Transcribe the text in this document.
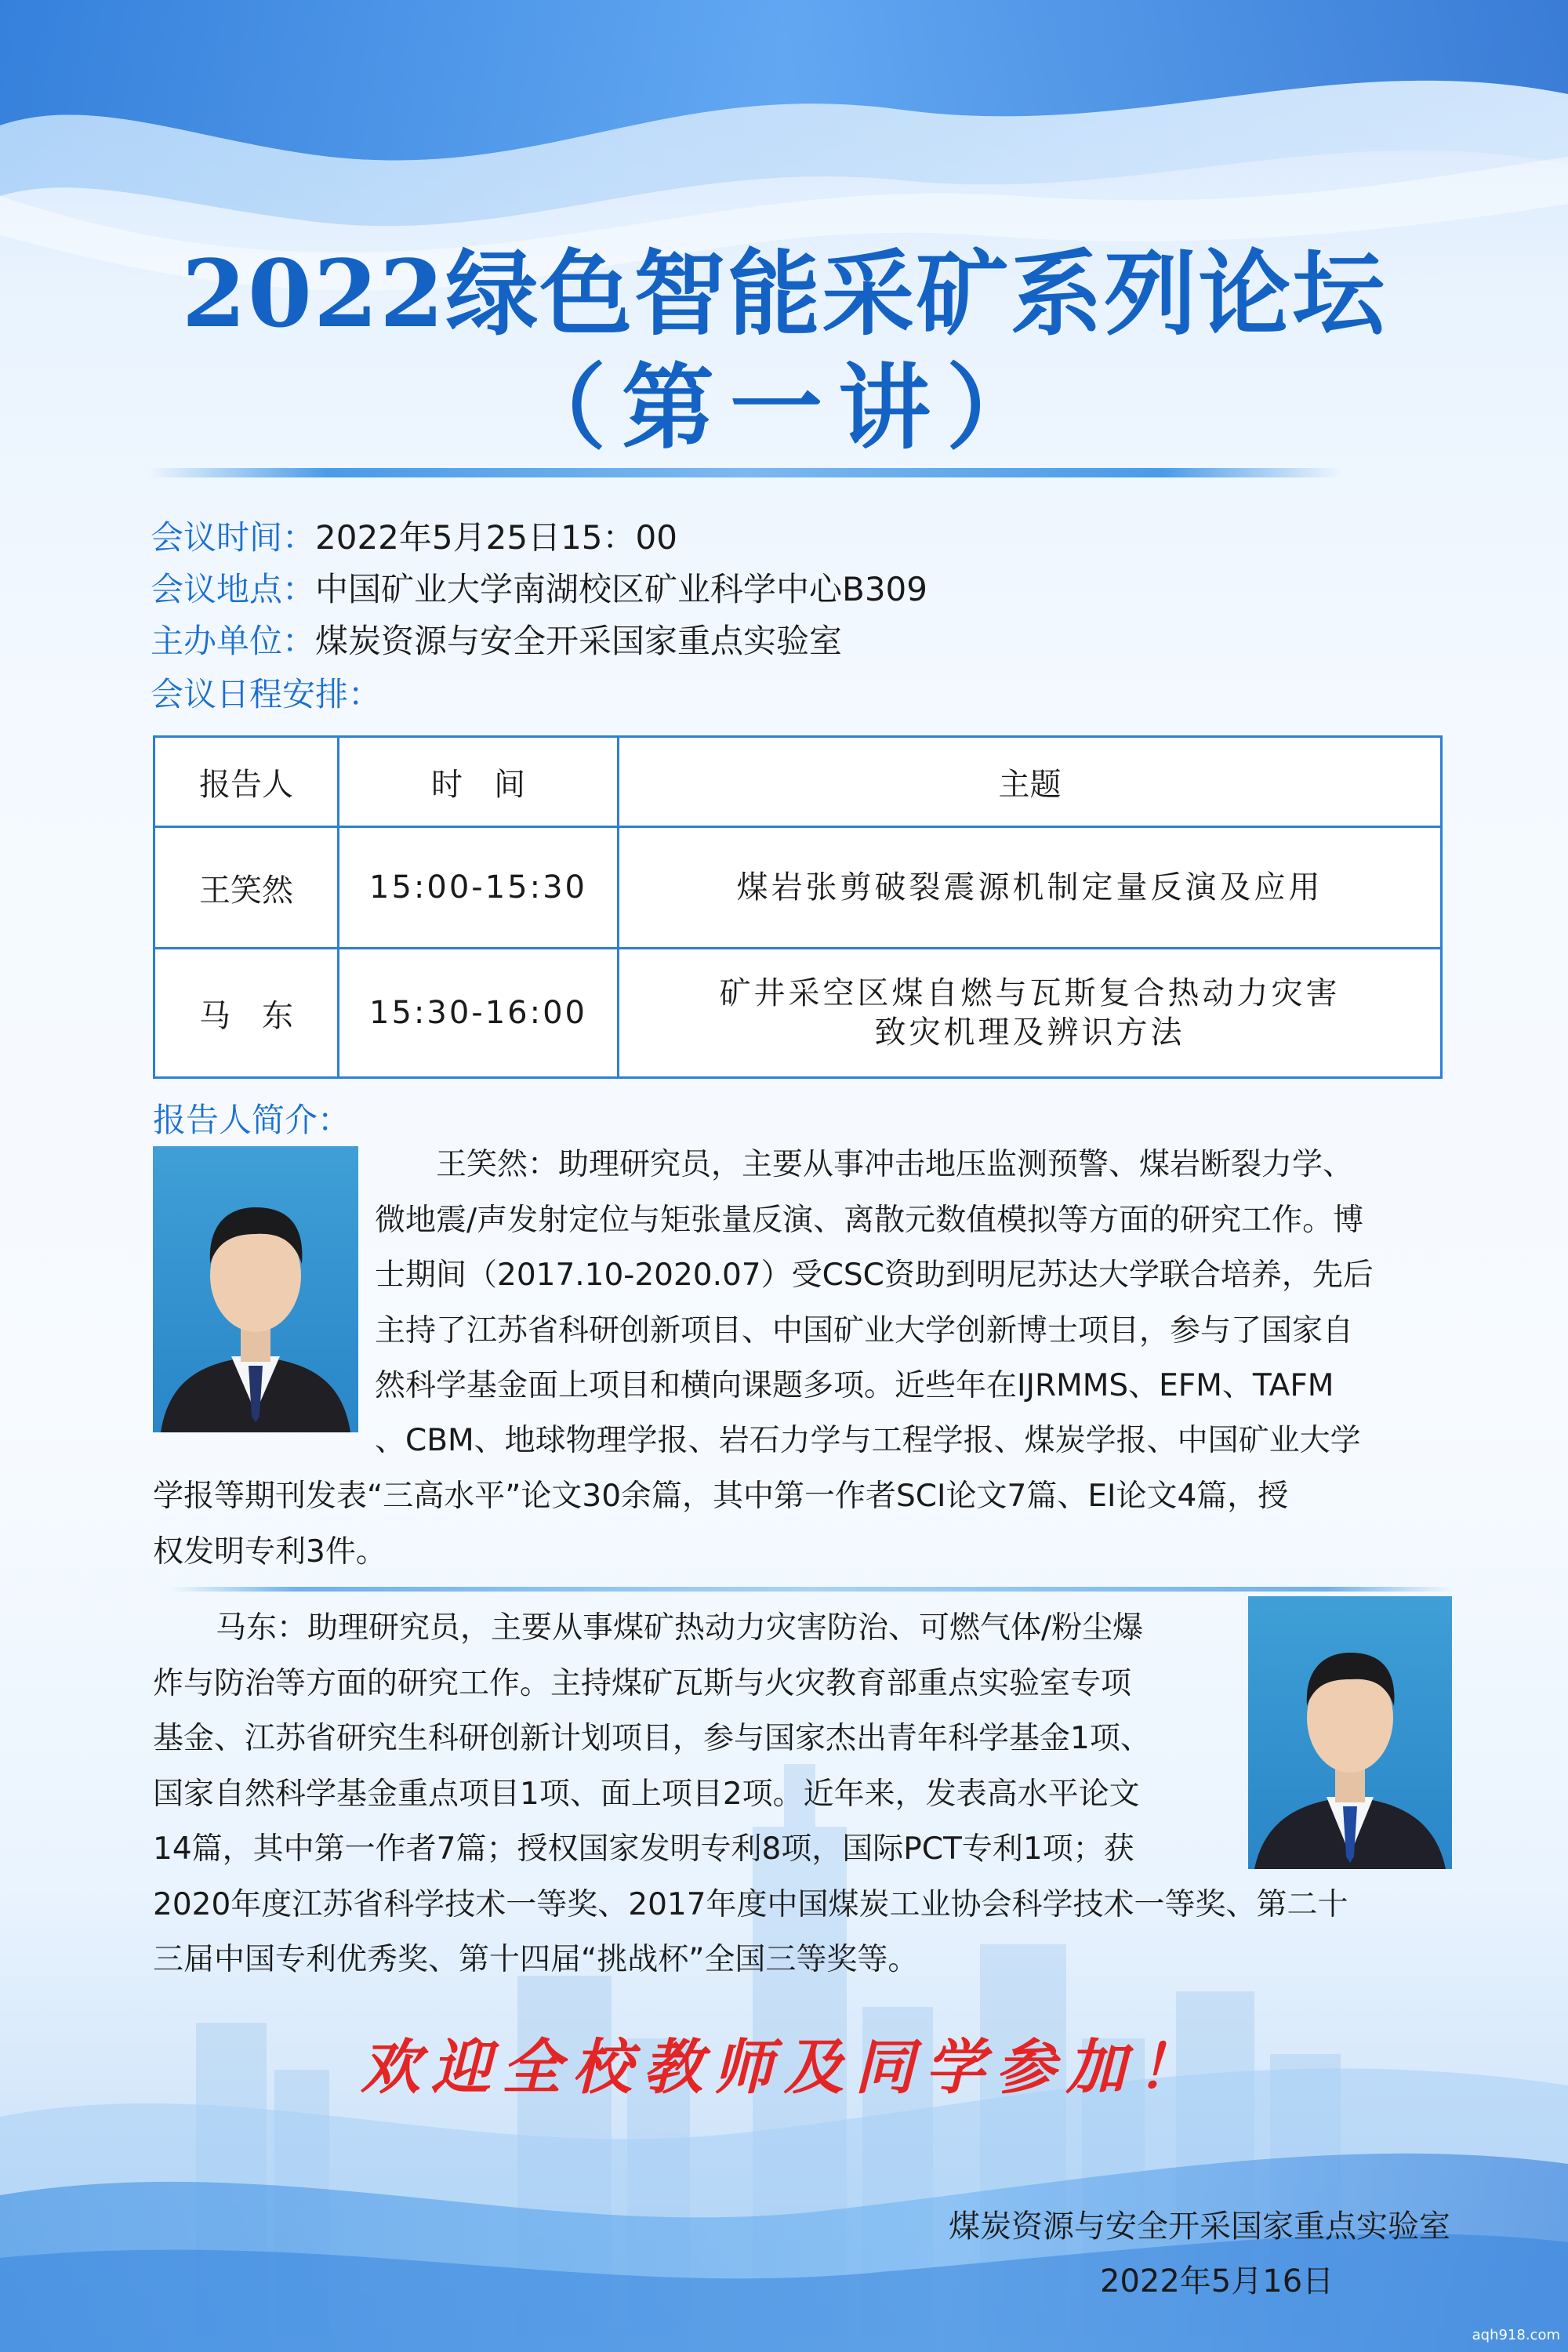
2022绿色智能采矿系列论坛
（第一讲）
会议时间：2022年5月25日15：00
会议地点：中国矿业大学南湖校区矿业科学中心B309
主办单位：煤炭资源与安全开采国家重点实验室
会议日程安排：
报告人	时　间	主题
王笑然	15:00-15:30	煤岩张剪破裂震源机制定量反演及应用
马　东	15:30-16:00	矿井采空区煤自燃与瓦斯复合热动力灾害
致灾机理及辨识方法
报告人简介：
王笑然：助理研究员，主要从事冲击地压监测预警、煤岩断裂力学、
微地震/声发射定位与矩张量反演、离散元数值模拟等方面的研究工作。博
士期间（2017.10-2020.07）受CSC资助到明尼苏达大学联合培养，先后
主持了江苏省科研创新项目、中国矿业大学创新博士项目，参与了国家自
然科学基金面上项目和横向课题多项。近些年在IJRMMS、EFM、TAFM
、CBM、地球物理学报、岩石力学与工程学报、煤炭学报、中国矿业大学
学报等期刊发表“三高水平”论文30余篇，其中第一作者SCI论文7篇、EI论文4篇，授
权发明专利3件。
马东：助理研究员，主要从事煤矿热动力灾害防治、可燃气体/粉尘爆
炸与防治等方面的研究工作。主持煤矿瓦斯与火灾教育部重点实验室专项
基金、江苏省研究生科研创新计划项目，参与国家杰出青年科学基金1项、
国家自然科学基金重点项目1项、面上项目2项。近年来，发表高水平论文
14篇，其中第一作者7篇；授权国家发明专利8项，国际PCT专利1项；获
2020年度江苏省科学技术一等奖、2017年度中国煤炭工业协会科学技术一等奖、第二十
三届中国专利优秀奖、第十四届“挑战杯”全国三等奖等。
欢迎全校教师及同学参加！
煤炭资源与安全开采国家重点实验室
2022年5月16日
aqh918.com
